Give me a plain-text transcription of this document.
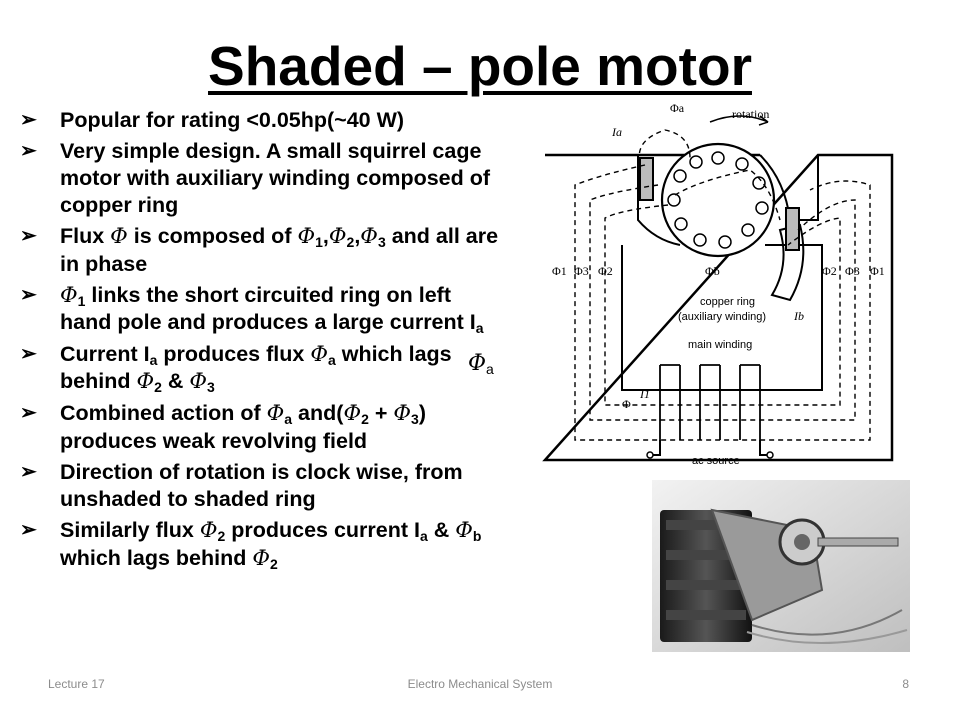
Shaded – pole motor
➢ Popular for rating <0.05hp(~40 W)
➢ Very simple design. A small squirrel cage motor with auxiliary winding composed of copper ring
➢ Flux Φ is composed of $\Phi_1,\Phi_2,\Phi_3$ and all are in phase
➢ $\Phi_1$ links the short circuited ring on left hand pole and produces a large current $I_a$
➢ Current $I_a$ produces flux $\Phi_a$ which lags behind $\Phi_2$ & $\Phi_3$
➢ Combined action of $\Phi_a$ $and(\Phi_2 + \Phi_3)$ produces weak revolving field
➢ Direction of rotation is clock wise, from unshaded to shaded ring
➢ Similarly flux $\Phi_2$ produces current $I_a$ & $\Phi_b$ which lags behind $\Phi_2$
$\Phi_a$
Φa	rotation
Ia
Φ1 Φ3 Φ2	Φ2 Φ3 Φ1
Φb
copper ring
(auxiliary winding) Ib
main winding
I1
Φ
ac source
Lecture 17	Electro Mechanical System	8
